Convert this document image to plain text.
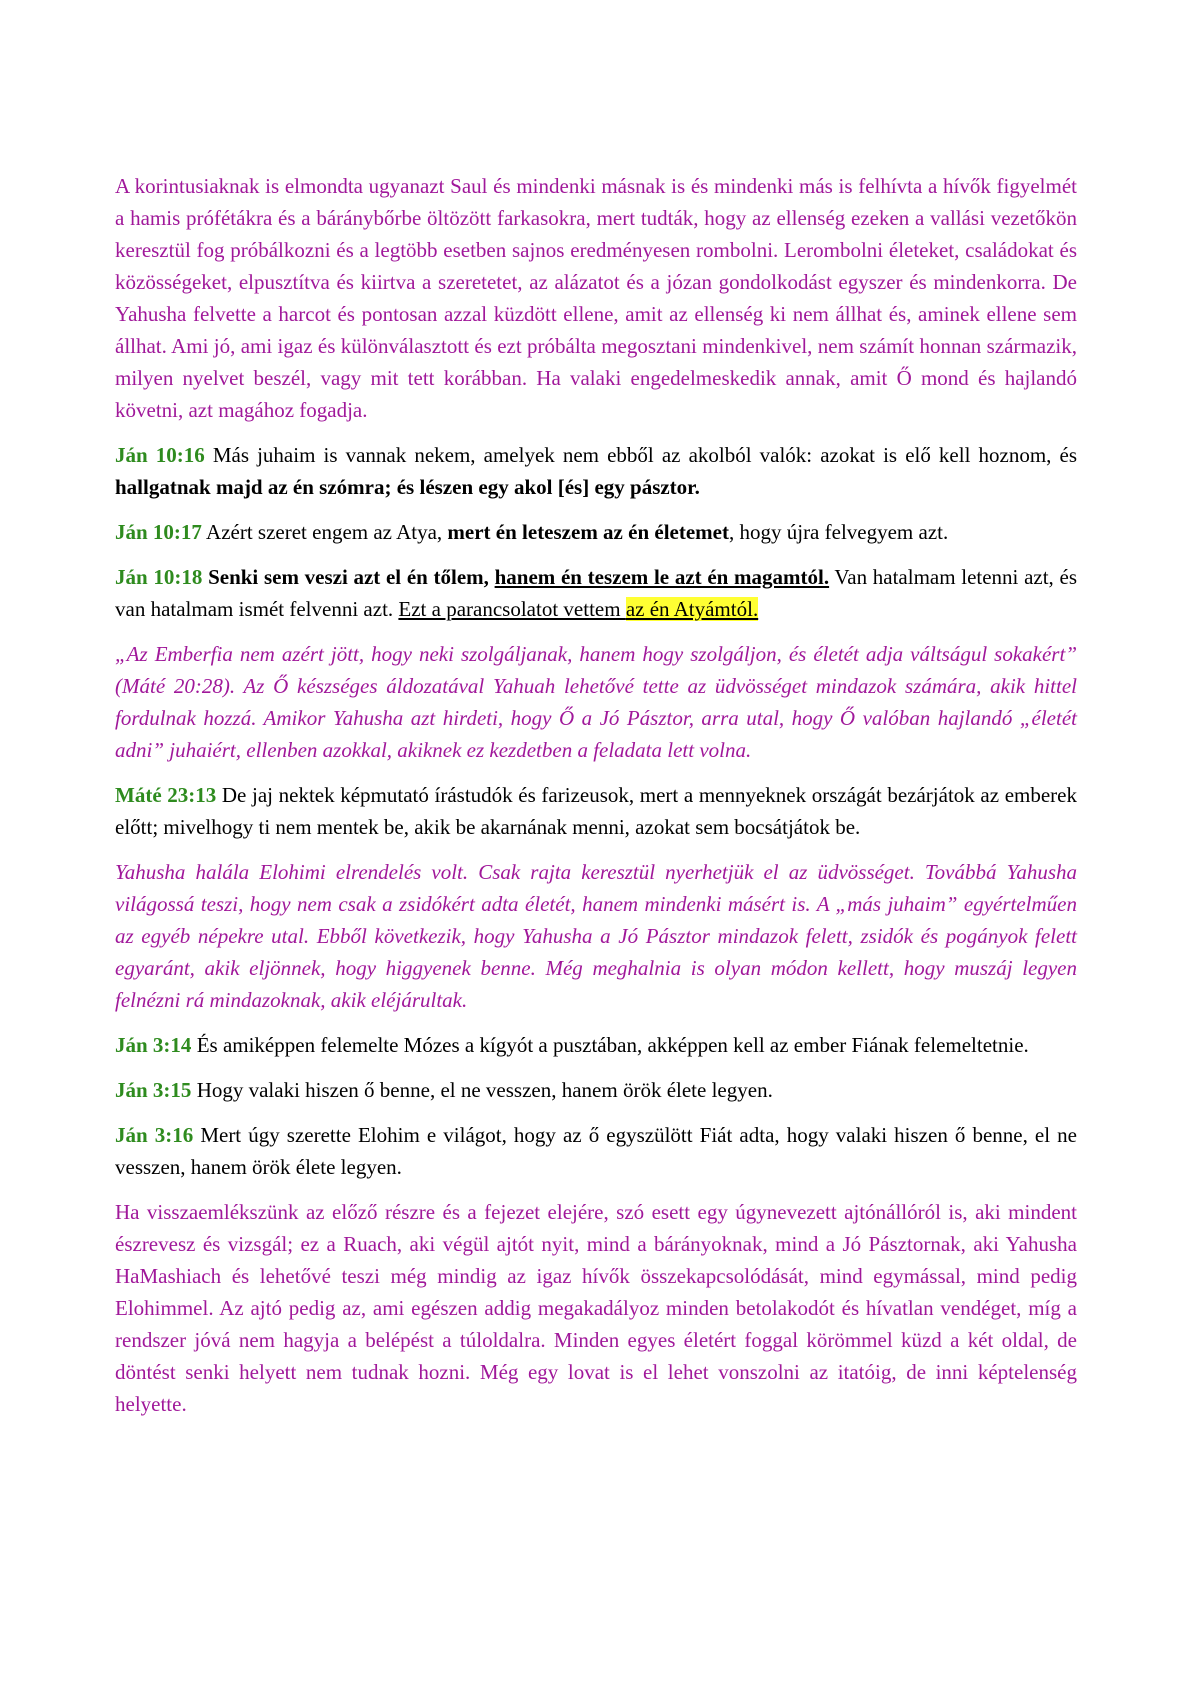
A korintusiaknak is elmondta ugyanazt Saul és mindenki másnak is és mindenki más is felhívta a hívők figyelmét a hamis prófétákra és a báránybőrbe öltözött farkasokra, mert tudták, hogy az ellenség ezeken a vallási vezetőkön keresztül fog próbálkozni és a legtöbb esetben sajnos eredményesen rombolni. Lerombolni életeket, családokat és közösségeket, elpusztítva és kiirtva a szeretetet, az alázatot és a józan gondolkodást egyszer és mindenkorra. De Yahusha felvette a harcot és pontosan azzal küzdött ellene, amit az ellenség ki nem állhat és, aminek ellene sem állhat. Ami jó, ami igaz és különválasztott és ezt próbálta megosztani mindenkivel, nem számít honnan származik, milyen nyelvet beszél, vagy mit tett korábban. Ha valaki engedelmeskedik annak, amit Ő mond és hajlandó követni, azt magához fogadja.

Ján 10:16 Más juhaim is vannak nekem, amelyek nem ebből az akolból valók: azokat is elő kell hoznom, és hallgatnak majd az én szómra; és lészen egy akol [és] egy pásztor.

Ján 10:17 Azért szeret engem az Atya, mert én leteszem az én életemet, hogy újra felvegyem azt.

Ján 10:18 Senki sem veszi azt el én tőlem, hanem én teszem le azt én magamtól. Van hatalmam letenni azt, és van hatalmam ismét felvenni azt. Ezt a parancsolatot vettem az én Atyámtól.

„Az Emberfia nem azért jött, hogy neki szolgáljanak, hanem hogy szolgáljon, és életét adja váltságul sokakért” (Máté 20:28). Az Ő készséges áldozatával Yahuah lehetővé tette az üdvösséget mindazok számára, akik hittel fordulnak hozzá. Amikor Yahusha azt hirdeti, hogy Ő a Jó Pásztor, arra utal, hogy Ő valóban hajlandó „életét adni” juhaiért, ellenben azokkal, akiknek ez kezdetben a feladata lett volna.

Máté 23:13 De jaj nektek képmutató írástudók és farizeusok, mert a mennyeknek országát bezárjátok az emberek előtt; mivelhogy ti nem mentek be, akik be akarnának menni, azokat sem bocsátjátok be.

Yahusha halála Elohimi elrendelés volt. Csak rajta keresztül nyerhetjük el az üdvösséget. Továbbá Yahusha világossá teszi, hogy nem csak a zsidókért adta életét, hanem mindenki másért is. A „más juhaim” egyértelműen az egyéb népekre utal. Ebből következik, hogy Yahusha a Jó Pásztor mindazok felett, zsidók és pogányok felett egyaránt, akik eljönnek, hogy higgyenek benne. Még meghalnia is olyan módon kellett, hogy muszáj legyen felnézni rá mindazoknak, akik eléjárultak.

Ján 3:14 És amiképpen felemelte Mózes a kígyót a pusztában, akképpen kell az ember Fiának felemeltetnie.

Ján 3:15 Hogy valaki hiszen ő benne, el ne vesszen, hanem örök élete legyen.

Ján 3:16 Mert úgy szerette Elohim e világot, hogy az ő egyszülött Fiát adta, hogy valaki hiszen ő benne, el ne vesszen, hanem örök élete legyen.

Ha visszaemlékszünk az előző részre és a fejezet elejére, szó esett egy úgynevezett ajtónállóról is, aki mindent észrevesz és vizsgál; ez a Ruach, aki végül ajtót nyit, mind a bárányoknak, mind a Jó Pásztornak, aki Yahusha HaMashiach és lehetővé teszi még mindig az igaz hívők összekapcsolódását, mind egymással, mind pedig Elohimmel. Az ajtó pedig az, ami egészen addig megakadályoz minden betolakodót és hívatlan vendéget, míg a rendszer jóvá nem hagyja a belépést a túloldalra. Minden egyes életért foggal körömmel küzd a két oldal, de döntést senki helyett nem tudnak hozni. Még egy lovat is el lehet vonszolni az itatóig, de inni képtelenség helyette.
